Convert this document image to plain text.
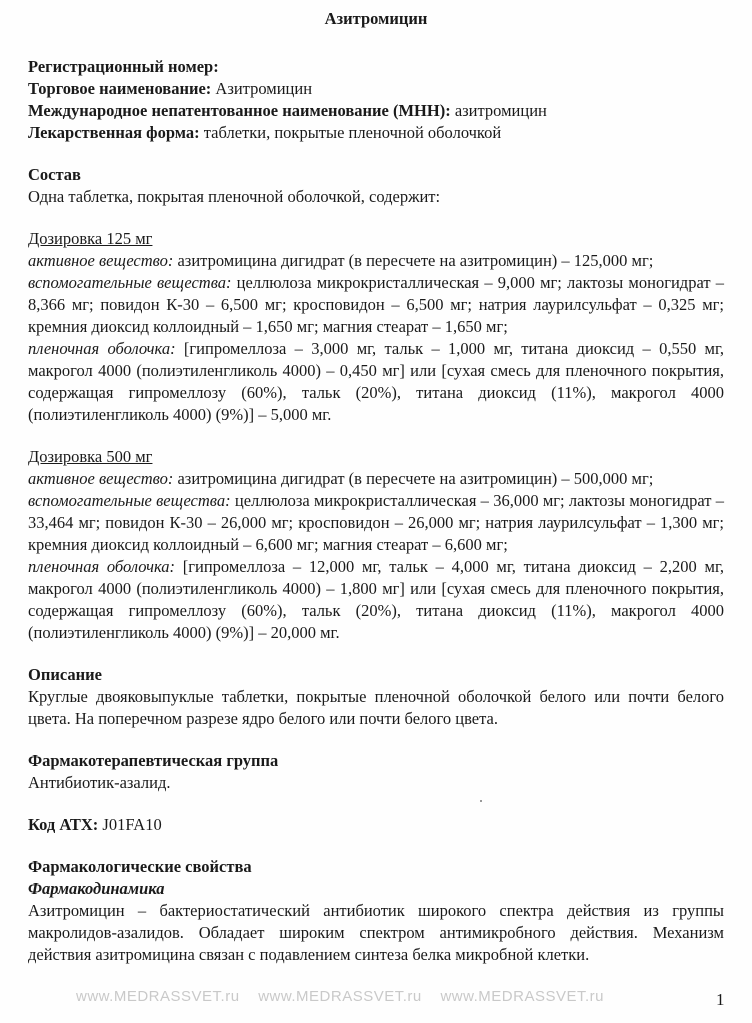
Азитромицин

Регистрационный номер:

Торговое наименование: Азитромицин

Международное непатентованное наименование (МНН): азитромицин

Лекарственная форма: таблетки, покрытые пленочной оболочкой

Состав

Одна таблетка, покрытая пленочной оболочкой, содержит:

Дозировка 125 мг

активное вещество: азитромицина дигидрат (в пересчете на азитромицин) – 125,000 мг;

вспомогательные вещества: целлюлоза микрокристаллическая – 9,000 мг; лактозы моногидрат – 8,366 мг; повидон К-30 – 6,500 мг; кросповидон – 6,500 мг; натрия лаурилсульфат – 0,325 мг; кремния диоксид коллоидный – 1,650 мг; магния стеарат – 1,650 мг;

пленочная оболочка: [гипромеллоза – 3,000 мг, тальк – 1,000 мг, титана диоксид – 0,550 мг, макрогол 4000 (полиэтиленгликоль 4000) – 0,450 мг] или [сухая смесь для пленочного покрытия, содержащая гипромеллозу (60%), тальк (20%), титана диоксид (11%), макрогол 4000 (полиэтиленгликоль 4000) (9%)] – 5,000 мг.

Дозировка 500 мг

активное вещество: азитромицина дигидрат (в пересчете на азитромицин) – 500,000 мг;

вспомогательные вещества: целлюлоза микрокристаллическая – 36,000 мг; лактозы моногидрат – 33,464 мг; повидон К-30 – 26,000 мг; кросповидон – 26,000 мг; натрия лаурилсульфат – 1,300 мг; кремния диоксид коллоидный – 6,600 мг; магния стеарат – 6,600 мг;

пленочная оболочка: [гипромеллоза – 12,000 мг, тальк – 4,000 мг, титана диоксид – 2,200 мг, макрогол 4000 (полиэтиленгликоль 4000) – 1,800 мг] или [сухая смесь для пленочного покрытия, содержащая гипромеллозу (60%), тальк (20%), титана диоксид (11%), макрогол 4000 (полиэтиленгликоль 4000) (9%)] – 20,000 мг.

Описание

Круглые двояковыпуклые таблетки, покрытые пленочной оболочкой белого или почти белого цвета. На поперечном разрезе ядро белого или почти белого цвета.

Фармакотерапевтическая группа

Антибиотик-азалид.

Код АТХ: J01FA10

Фармакологические свойства

Фармакодинамика

Азитромицин – бактериостатический антибиотик широкого спектра действия из группы макролидов-азалидов. Обладает широким спектром антимикробного действия. Механизм действия азитромицина связан с подавлением синтеза белка микробной клетки.

www.MEDRASSVET.ru www.MEDRASSVET.ru www.MEDRASSVET.ru	1
